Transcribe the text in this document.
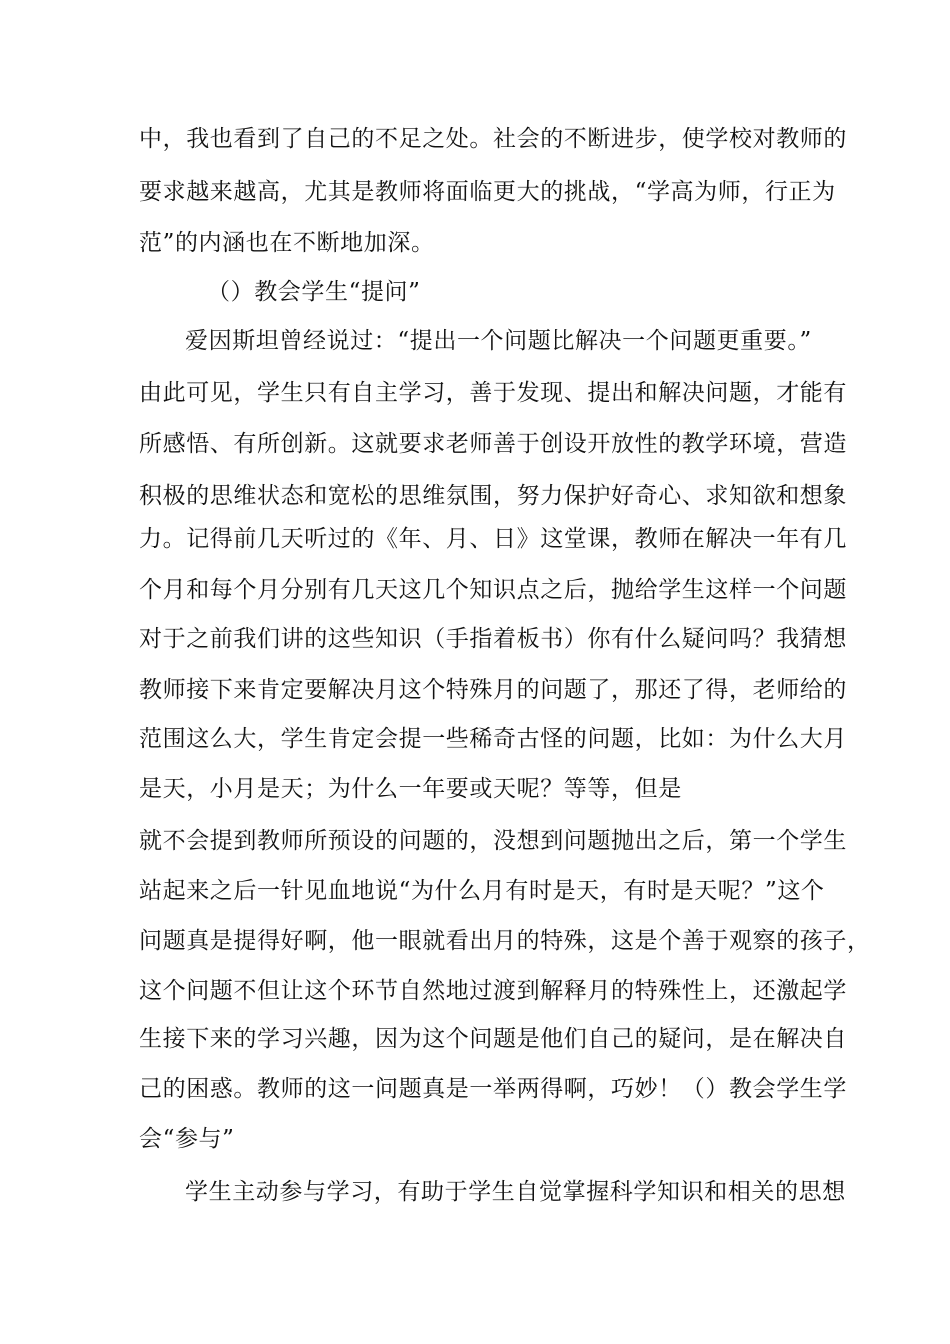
中，我也看到了自己的不足之处。社会的不断进步，使学校对教师的
要求越来越高，尤其是教师将面临更大的挑战，“学高为师，行正为
范”的内涵也在不断地加深。
（）教会学生“提问”
爱因斯坦曾经说过：“提出一个问题比解决一个问题更重要。”
由此可见，学生只有自主学习，善于发现、提出和解决问题，才能有
所感悟、有所创新。这就要求老师善于创设开放性的教学环境，营造
积极的思维状态和宽松的思维氛围，努力保护好奇心、求知欲和想象
力。记得前几天听过的《年、月、日》这堂课，教师在解决一年有几
个月和每个月分别有几天这几个知识点之后，抛给学生这样一个问题
对于之前我们讲的这些知识（手指着板书）你有什么疑问吗？我猜想
教师接下来肯定要解决月这个特殊月的问题了，那还了得，老师给的
范围这么大，学生肯定会提一些稀奇古怪的问题，比如：为什么大月
是天，小月是天；为什么一年要或天呢？等等，但是
就不会提到教师所预设的问题的，没想到问题抛出之后，第一个学生
站起来之后一针见血地说“为什么月有时是天，有时是天呢？”这个
问题真是提得好啊，他一眼就看出月的特殊，这是个善于观察的孩子，
这个问题不但让这个环节自然地过渡到解释月的特殊性上，还激起学
生接下来的学习兴趣，因为这个问题是他们自己的疑问，是在解决自
己的困惑。教师的这一问题真是一举两得啊，巧妙！（）教会学生学
会“参与”
学生主动参与学习，有助于学生自觉掌握科学知识和相关的思想
